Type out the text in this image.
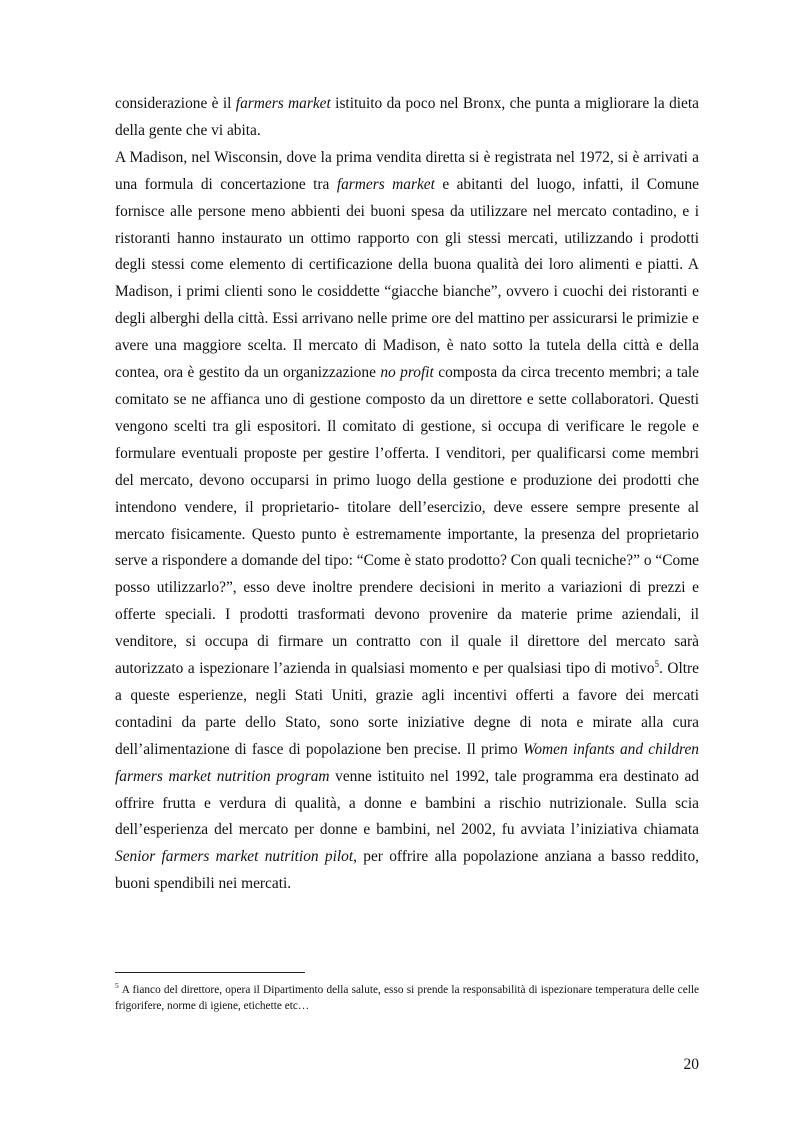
considerazione è il farmers market istituito da poco nel Bronx, che punta a migliorare la dieta della gente che vi abita.

A Madison, nel Wisconsin, dove la prima vendita diretta si è registrata nel 1972, si è arrivati a una formula di concertazione tra farmers market e abitanti del luogo, infatti, il Comune fornisce alle persone meno abbienti dei buoni spesa da utilizzare nel mercato contadino, e i ristoranti hanno instaurato un ottimo rapporto con gli stessi mercati, utilizzando i prodotti degli stessi come elemento di certificazione della buona qualità dei loro alimenti e piatti. A Madison, i primi clienti sono le cosiddette “giacche bianche”, ovvero i cuochi dei ristoranti e degli alberghi della città. Essi arrivano nelle prime ore del mattino per assicurarsi le primizie e avere una maggiore scelta. Il mercato di Madison, è nato sotto la tutela della città e della contea, ora è gestito da un organizzazione no profit composta da circa trecento membri; a tale comitato se ne affianca uno di gestione composto da un direttore e sette collaboratori. Questi vengono scelti tra gli espositori. Il comitato di gestione, si occupa di verificare le regole e formulare eventuali proposte per gestire l’offerta. I venditori, per qualificarsi come membri del mercato, devono occuparsi in primo luogo della gestione e produzione dei prodotti che intendono vendere, il proprietario- titolare dell’esercizio, deve essere sempre presente al mercato fisicamente. Questo punto è estremamente importante, la presenza del proprietario serve a rispondere a domande del tipo: “Come è stato prodotto? Con quali tecniche?” o “Come posso utilizzarlo?”, esso deve inoltre prendere decisioni in merito a variazioni di prezzi e offerte speciali. I prodotti trasformati devono provenire da materie prime aziendali, il venditore, si occupa di firmare un contratto con il quale il direttore del mercato sarà autorizzato a ispezionare l’azienda in qualsiasi momento e per qualsiasi tipo di motivo$^5$. Oltre a queste esperienze, negli Stati Uniti, grazie agli incentivi offerti a favore dei mercati contadini da parte dello Stato, sono sorte iniziative degne di nota e mirate alla cura dell’alimentazione di fasce di popolazione ben precise. Il primo Women infants and children farmers market nutrition program venne istituito nel 1992, tale programma era destinato ad offrire frutta e verdura di qualità, a donne e bambini a rischio nutrizionale. Sulla scia dell’esperienza del mercato per donne e bambini, nel 2002, fu avviata l’iniziativa chiamata Senior farmers market nutrition pilot, per offrire alla popolazione anziana a basso reddito, buoni spendibili nei mercati.

$^5$ A fianco del direttore, opera il Dipartimento della salute, esso si prende la responsabilità di ispezionare temperatura delle celle frigorifere, norme di igiene, etichette etc…
20
